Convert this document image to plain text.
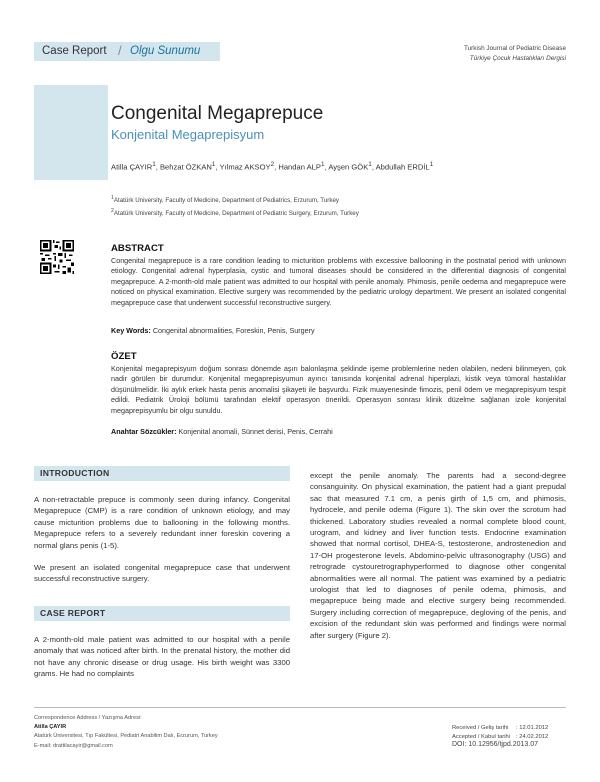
Case Report / Olgu Sunumu	Turkish Journal of Pediatric Disease
Türkiye Çocuk Hastalıkları Dergisi
Congenital Megaprepuce
Konjenital Megaprepisyum
Atilla ÇAYIR$^1$, Behzat ÖZKAN$^1$, Yılmaz AKSOY$^2$, Handan ALP$^1$, Ayşen GÖK$^1$, Abdullah ERDİL$^1$
$^1$Atatürk University, Faculty of Medicine, Department of Pediatrics, Erzurum, Turkey
$^2$Atatürk University, Faculty of Medicine, Department of Pediatric Surgery, Erzurum, Turkey
ABSTRACT
Congenital megaprepuce is a rare condition leading to micturition problems with excessive ballooning in the postnatal period with unknown etiology. Congenital adrenal hyperplasia, cystic and tumoral diseases should be considered in the differential diagnosis of congenital megaprepuce. A 2-month-old male patient was admitted to our hospital with penile anomaly. Phimosis, penile oedema and megaprepuce were noticed on physical examination. Elective surgery was recommended by the pediatric urology department. We present an isolated congenital megaprepuce case that underwent successful reconstructive surgery.
Key Words: Congenital abnormalities, Foreskin, Penis, Surgery
ÖZET
Konjenital megaprepisyum doğum sonrası dönemde aşırı balonlaşma şeklinde işeme problemlerine neden olabilen, nedeni bilinmeyen, çok nadir görülen bir durumdur. Konjenital megaprepisyumun ayırıcı tanısında konjenital adrenal hiperplazi, kistik veya tümoral hastalıklar düşünülmelidir. İki aylık erkek hasta penis anomalisi şikayeti ile başvurdu. Fizik muayenesinde fimozis, penil ödem ve megaprepisyum tespit edildi. Pediatrik Üroloji bölümü tarafından elektif operasyon önerildi. Operasyon sonrası klinik düzelme sağlanan izole konjenital megaprepisyumlu bir olgu sunuldu.
Anahtar Sözcükler: Konjenital anomali, Sünnet derisi, Penis, Cerrahi
INTRODUCTION
A non-retractable prepuce is commonly seen during infancy. Congenital Megaprepuce (CMP) is a rare condition of unknown etiology, and may cause micturition problems due to ballooning in the following months. Megaprepuce refers to a severely redundant inner foreskin covering a normal glans penis (1-5).
We present an isolated congenital megaprepuce case that underwent successful reconstructive surgery.
CASE REPORT
A 2-month-old male patient was admitted to our hospital with a penile anomaly that was noticed after birth. In the prenatal history, the mother did not have any chronic disease or drug usage. His birth weight was 3300 grams. He had no complaints
except the penile anomaly. The parents had a second-degree consanguinity. On physical examination, the patient had a giant prepudal sac that measured 7.1 cm, a penis girth of 1,5 cm, and phimosis, hydrocele, and penile odema (Figure 1). The skin over the scrotum had thickened. Laboratory studies revealed a normal complete blood count, urogram, and kidney and liver function tests. Endocrine examination showed that normal cortisol, DHEA-S, testosterone, androstenedion and 17-OH progesterone levels. Abdomino-pelvic ultrasonography (USG) and retrograde cystouretrographyperformed to diagnose other congenital abnormalities were all normal. The patient was examined by a pediatric urologist that led to diagnoses of penile odema, phimosis, and megaprepuce being made and elective surgery being recommended. Surgery including correction of megaprepuce, degloving of the penis, and excision of the redundant skin was performed and findings were normal after surgery (Figure 2).
Correspondence Address / Yazışma Adresi:
Atilla ÇAYIR
Atatürk Üniversitesi, Tıp Fakültesi, Pediatri Anabilim Dalı, Erzurum, Turkey
E-mail: drattilacayir@gmail.com
Received / Geliş tarihi	: 12.01.2012
Accepted / Kabul tarihi	: 24.02.2012
DOI: 10.12956/tjpd.2013.07	
